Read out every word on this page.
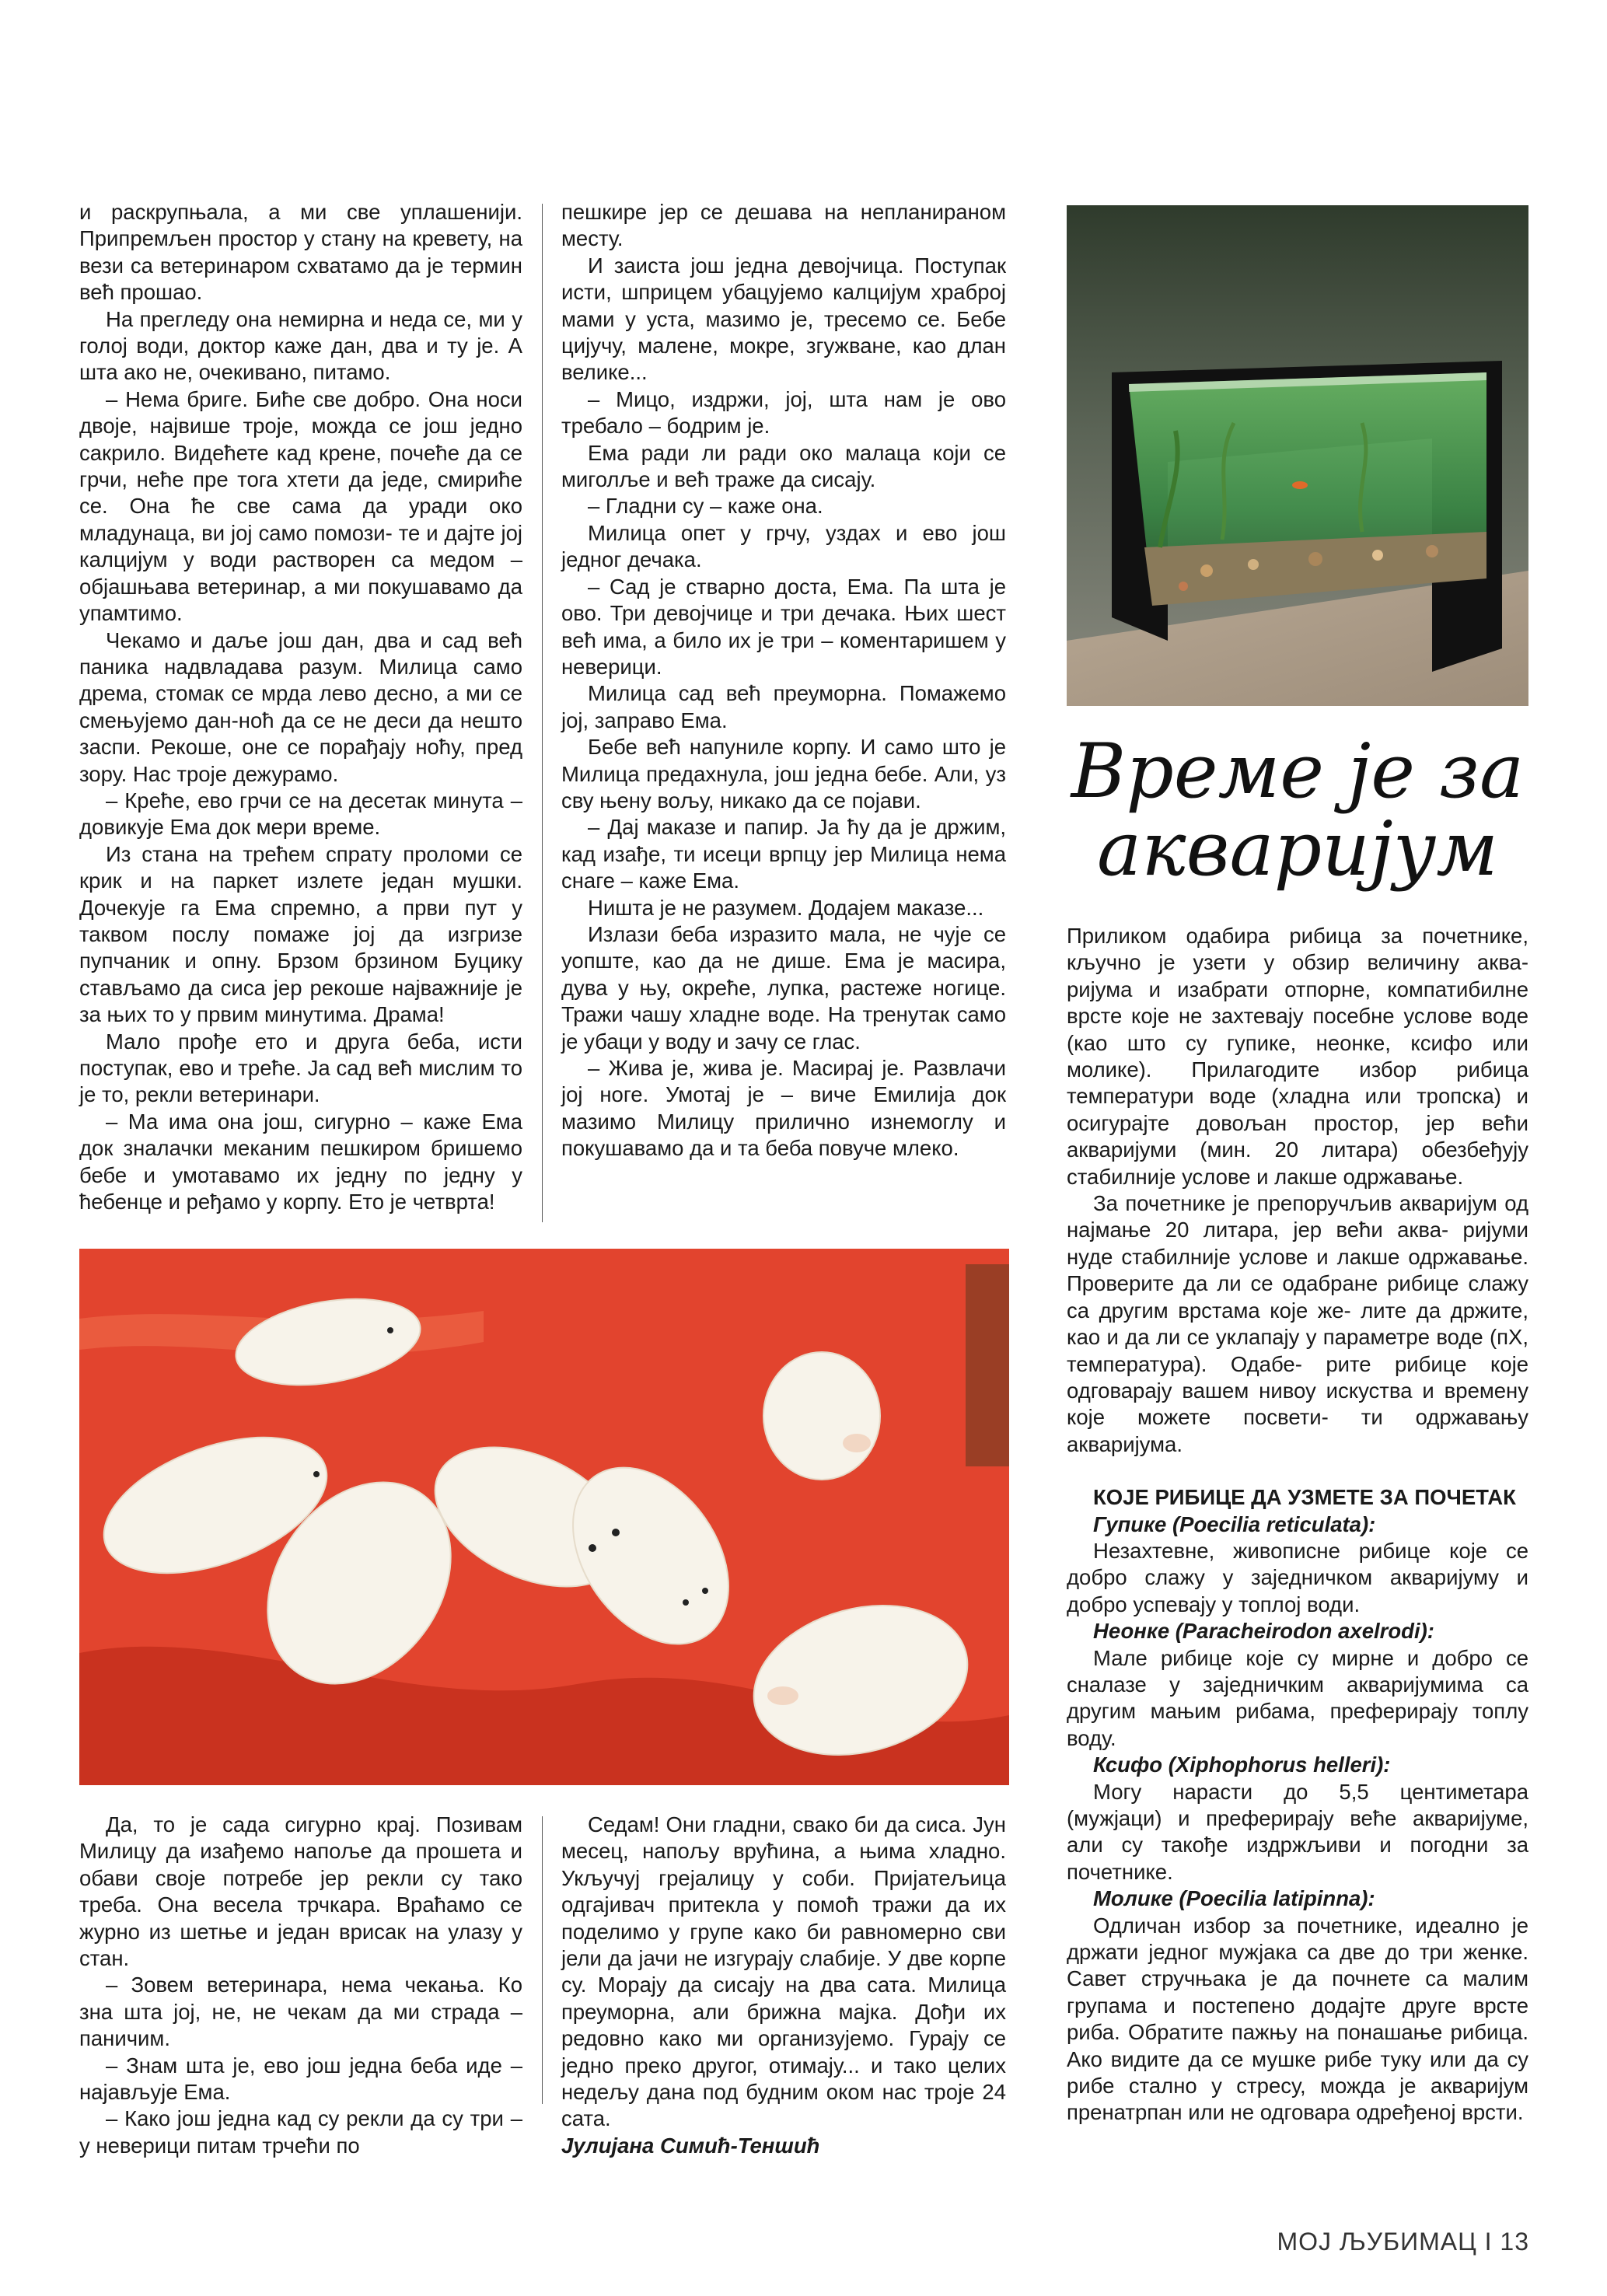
и раскрупњала, а ми све уплашенији. Припремљен простор у стану на кревету, на вези са ветеринаром схватамо да је термин већ прошао.

На прегледу она немирна и неда се, ми у голој води, доктор каже дан, два и ту је. А шта ако не, очекивано, питамо.

– Нема бриге. Биће све добро. Она носи двоје, највише троје, можда се још једно сакрило. Видећете кад крене, почеће да се грчи, неће пре тога хтети да једе, смириће се. Она ће све сама да уради око младунаца, ви јој само помози- те и дајте јој калцијум у води растворен са медом – објашњава ветеринар, а ми покушавамо да упамтимо.

Чекамо и даље још дан, два и сад већ паника надвладава разум. Милица само дрема, стомак се мрда лево десно, а ми се смењујемо дан-ноћ да се не деси да нешто заспи. Рекоше, оне се порађају ноћу, пред зору. Нас троје дежурамо.

– Креће, ево грчи се на десетак минута – довикује Ема док мери време.

Из стана на трећем спрату проломи се крик и на паркет излете један мушки. Дочекује га Ема спремно, а први пут у таквом послу помаже јој да изгризе пупчаник и опну. Брзом брзином Буцику стављамо да сиса јер рекоше најважније је за њих то у првим минутима. Драма!

Мало прође ето и друга беба, исти поступак, ево и треће. Ја сад већ мислим то је то, рекли ветеринари.

– Ма има она још, сигурно – каже Ема док зналачки меканим пешкиром бришемо бебе и умотавамо их једну по једну у ћебенце и ређамо у корпу. Ето је четврта!

пешкире јер се дешава на непланираном месту.

И заиста још једна девојчица. Поступак исти, шприцем убацујемо калцијум храброј мами у уста, мазимо је, тресемо се. Бебе цијучу, малене, мокре, згужване, као длан велике...

– Мицо, издржи, јој, шта нам је ово требало – бодрим је.

Ема ради ли ради око малаца који се миголље и већ траже да сисају.

– Гладни су – каже она.

Милица опет у грчу, уздах и ево још једног дечака.

– Сад је стварно доста, Ема. Па шта је ово. Три девојчице и три дечака. Њих шест већ има, а било их је три – коментаришем у неверици.

Милица сад већ преуморна. Помажемо јој, заправо Ема.

Бебе већ напуниле корпу. И само што је Милица предахнула, још једна бебе. Али, уз сву њену вољу, никако да се појави.

– Дај маказе и папир. Ја ћу да је држим, кад изађе, ти исеци врпцу јер Милица нема снаге – каже Ема.

Ништа је не разумем. Додајем маказе...

Излази беба изразито мала, не чује се уопште, као да не дише. Ема је масира, дува у њу, окреће, лупка, растеже ногице. Тражи чашу хладне воде. На тренутак само је убаци у воду и зачу се глас.

– Жива је, жива је. Масирај је. Развлачи јој ноге. Умотај је – виче Емилија док мазимо Милицу прилично изнемоглу и покушавамо да и та беба повуче млеко.

Време је за
акваријум

Приликом одабира рибица за почетнике, кључно је узети у обзир величину аква- ријума и изабрати отпорне, компатибилне врсте које не захтевају посебне услове воде (као што су гупике, неонке, ксифо или молике). Прилагодите избор рибица температури воде (хладна или тропска) и осигурајте довољан простор, јер већи акваријуми (мин. 20 литара) обезбеђују стабилније услове и лакше одржавање.

За почетнике је препоручљив акваријум од најмање 20 литара, јер већи аква- ријуми нуде стабилније услове и лакше одржавање. Проверите да ли се одабране рибице слажу са другим врстама које же- лите да држите, као и да ли се уклапају у параметре воде (пХ, температура). Одабе- рите рибице које одговарају вашем нивоу искуства и времену које можете посвети- ти одржавању акваријума.

КОЈЕ РИБИЦЕ ДА УЗМЕТЕ ЗА ПОЧЕТАК

Гупике (Poecilia reticulata):

Незахтевне, живописне рибице које се добро слажу у заједничком акваријуму и добро успевају у топлој води.

Неонке (Paracheirodon axelrodi):

Мале рибице које су мирне и добро се сналазе у заједничким акваријумима са другим мањим рибама, преферирају топлу воду.

Ксифо (Xiphophorus helleri):

Могу нарасти до 5,5 центиметара (мужјаци) и преферирају веће акваријуме, али су такође издржљиви и погодни за почетнике.

Молике (Poecilia latipinna):

Одличан избор за почетнике, идеално је држати једног мужјака са две до три женке. Савет стручњака је да почнете са малим групама и постепено додајте друге врсте риба. Обратите пажњу на понашање рибица. Ако видите да се мушке рибе туку или да су рибе стално у стресу, можда је акваријум пренатрпан или не одговара одређеној врсти.

Да, то је сада сигурно крај. Позивам Милицу да изађемо напоље да прошета и обави своје потребе јер рекли су тако треба. Она весела трчкара. Враћамо се журно из шетње и један врисак на улазу у стан.

– Зовем ветеринара, нема чекања. Ко зна шта јој, не, не чекам да ми страда – паничим.

– Знам шта је, ево још једна беба иде – најављује Ема.

– Како још једна кад су рекли да су три – у неверици питам трчећи по

Седам! Они гладни, свако би да сиса. Јун месец, напољу врућина, а њима хладно. Укључуј грејалицу у соби. Пријатељица одгајивач притекла у помоћ тражи да их поделимо у групе како би равномерно сви јели да јачи не изгурају слабије. У две корпе су. Морају да сисају на два сата. Милица преуморна, али брижна мајка. Дођи их редовно како ми организујемо. Гурају се једно преко другог, отимају... и тако целих недељу дана под будним оком нас троје 24 сата.

Јулијана Симић-Теншић

МОЈ ЉУБИМАЦ I 13
